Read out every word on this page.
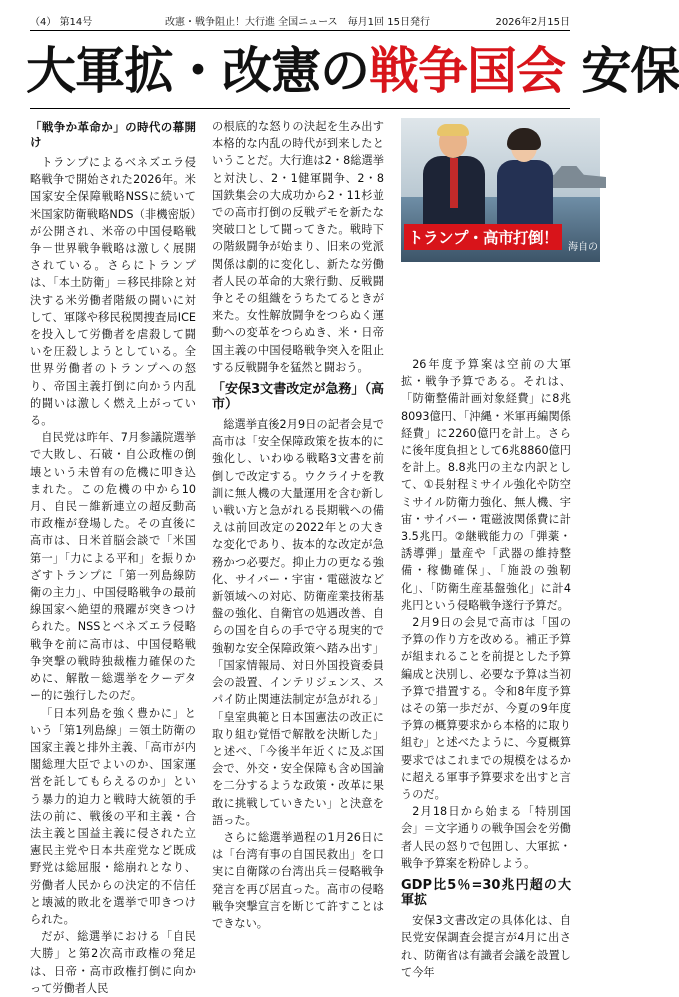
（4） 第14号	改憲・戦争阻止！大行進 全国ニュース　毎月1回 15日発行	2026年2月15日
大軍拡・改憲の戦争国会 安保
「戦争か革命か」の時代の幕開け

トランプによるベネズエラ侵略戦争で開始された2026年。米国家安全保障戦略NSSに続いて米国家防衛戦略NDS（非機密版）が公開され、米帝の中国侵略戦争－世界戦争戦略は激しく展開されている。さらにトランプは、「本土防衛」＝移民排除と対決する米労働者階級の闘いに対して、軍隊や移民税関捜査局ICEを投入して労働者を虐殺して闘いを圧殺しようとしている。全世界労働者のトランプへの怒り、帝国主義打倒に向かう内乱的闘いは激しく燃え上がっている。

自民党は昨年、7月参議院選挙で大敗し、石破・自公政権の倒壊という未曽有の危機に叩き込まれた。この危機の中から10月、自民－維新連立の超反動高市政権が登場した。その直後に高市は、日米首脳会談で「米国第一」「力による平和」を振りかざすトランプに「第一列島線防衛の主力」、中国侵略戦争の最前線国家へ絶望的飛躍が突きつけられた。NSSとベネズエラ侵略戦争を前に高市は、中国侵略戦争突撃の戦時独裁権力確保のために、解散－総選挙をクーデター的に強行したのだ。

「日本列島を強く豊かに」という「第1列島線」＝領土防衛の国家主義と排外主義、「高市が内閣総理大臣でよいのか、国家運営を託してもらえるのか」という暴力的迫力と戦時大統領的手法の前に、戦後の平和主義・合法主義と国益主義に侵された立憲民主党や日本共産党など既成野党は総屈服・総崩れとなり、労働者人民からの決定的不信任と壊滅的敗北を選挙で叩きつけられた。

だが、総選挙における「自民大勝」と第2次高市政権の発足は、日帝・高市政権打倒に向かって労働者人民

の根底的な怒りの決起を生み出す本格的な内乱の時代が到来したということだ。大行進は2・8総選挙と対決し、2・1健軍闘争、2・8国鉄集会の大成功から2・11杉並での高市打倒の反戦デモを新たな突破口として闘ってきた。戦時下の階級闘争が始まり、旧来の党派関係は劇的に変化し、新たな労働者人民の革命的大衆行動、反戦闘争とその組織をうちたてるときが来た。女性解放闘争をつらぬく運動への変革をつらぬき、米・日帝国主義の中国侵略戦争突入を阻止する反戦闘争を猛然と闘おう。

「安保3文書改定が急務」（高市）

総選挙直後2月9日の記者会見で高市は「安全保障政策を抜本的に強化し、いわゆる戦略3文書を前倒しで改定する。ウクライナを教訓に無人機の大量運用を含む新しい戦い方と急がれる長期戦への備えは前回改定の2022年との大きな変化であり、抜本的な改定が急務かつ必要だ。抑止力の更なる強化、サイバー・宇宙・電磁波など新領域への対応、防衛産業技術基盤の強化、自衛官の処遇改善、自らの国を自らの手で守る現実的で強靭な安全保障政策へ踏み出す」「国家情報局、対日外国投資委員会の設置、インテリジェンス、スパイ防止関連法制定が急がれる」「皇室典範と日本国憲法の改正に取り組む覚悟で解散を決断した」と述べ、「今後半年近くに及ぶ国会で、外交・安全保障も含め国論を二分するような政策・改革に果敢に挑戦していきたい」と決意を語った。

さらに総選挙過程の1月26日には「台湾有事の自国民救出」を口実に自衛隊の台湾出兵＝侵略戦争発言を再び居直った。高市の侵略戦争突撃宣言を断じて許すことはできない。

トランプ・高市打倒！
海自の

26年度予算案は空前の大軍拡・戦争予算である。それは、「防衛整備計画対象経費」に8兆8093億円、「沖縄・米軍再編関係経費」に2260億円を計上。さらに後年度負担として6兆8860億円を計上。8.8兆円の主な内訳として、①長射程ミサイル強化や防空ミサイル防衛力強化、無人機、宇宙・サイバー・電磁波関係費に計3.5兆円。②継戦能力の「弾薬・誘導弾」量産や「武器の維持整備・稼働確保」、「施設の強靭化」、「防衛生産基盤強化」に計4兆円という侵略戦争遂行予算だ。

2月9日の会見で高市は「国の予算の作り方を改める。補正予算が組まれることを前提とした予算編成と決別し、必要な予算は当初予算で措置する。令和8年度予算はその第一歩だが、今夏の9年度予算の概算要求から本格的に取り組む」と述べたように、今夏概算要求ではこれまでの規模をはるかに超える軍事予算要求を出すと言うのだ。

2月18日から始まる「特別国会」＝文字通りの戦争国会を労働者人民の怒りで包囲し、大軍拡・戦争予算案を粉砕しよう。

GDP比5％=30兆円超の大軍拡

安保3文書改定の具体化は、自民党安保調査会提言が4月に出され、防衛省は有識者会議を設置して今年
